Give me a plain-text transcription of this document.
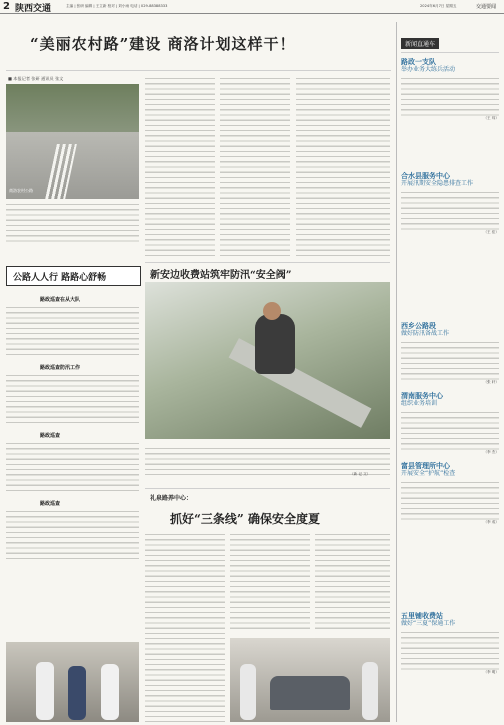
2 陕西交通	主编 | 张研 编辑 | 王立新 校对 | 刘小雨 电话 | 029-88388333	2024年6月7日 星期五	交通要闻
“美丽农村路”建设 商洛计划这样干！
■ 本报记者 张研 通讯员 张文
商洛农村公路
新闻直通车
路政一支队
举办业务大练兵活动
（王 玮）
合水县服务中心
开展汛期安全隐患排查工作
（王 佳）
西乡公路段
做好防汛备战工作
（张 轩）
渭南服务中心
组织业务培训
（李 杰）
富县管理所中心
开展安全“护航”检查
（李 成）
五里铺收费站
做好“三夏”保通工作
（李 明）
公路人人行 路路心舒畅
路政巡查在从大队
路政巡查防汛工作
路政巡查
路政巡查
新安边收费站筑牢防汛“安全阀”
（新 记 文）
礼泉路养中心：
抓好“三条线” 确保安全度夏
